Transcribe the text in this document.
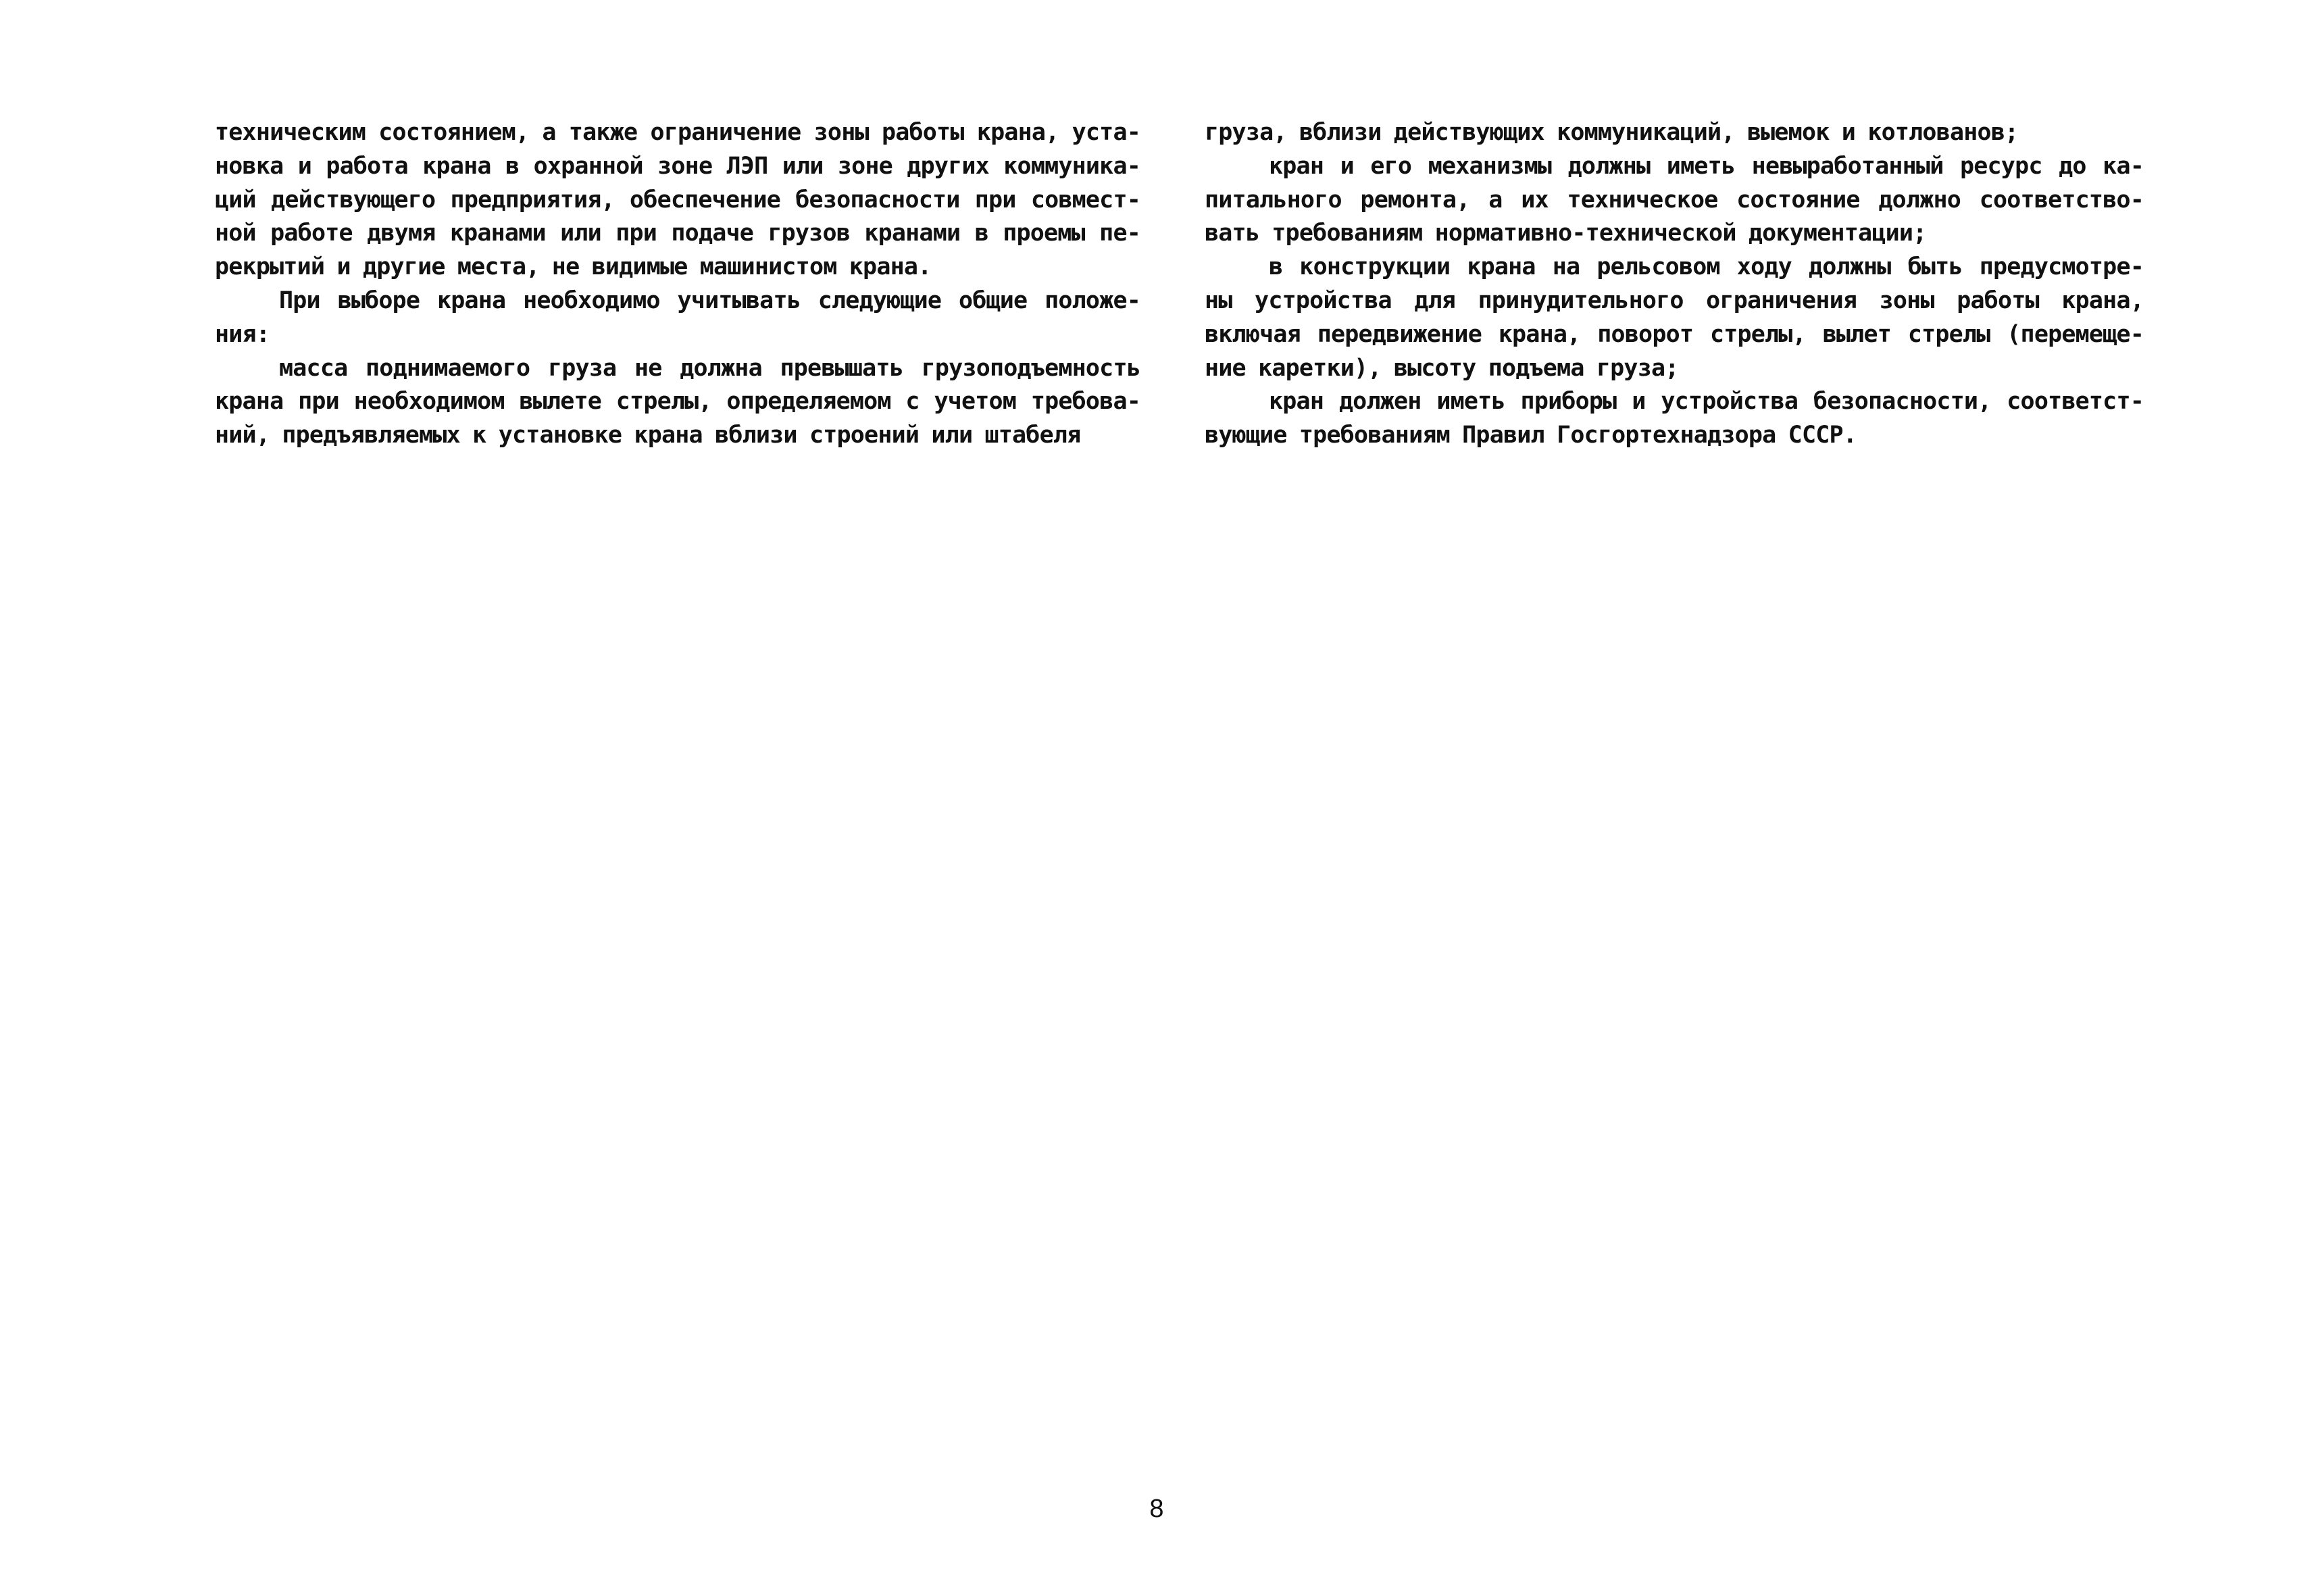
техническим состоянием, а также ограничение зоны работы крана, уста-
новка и работа крана в охранной зоне ЛЭП или зоне других коммуника-
ций действующего предприятия, обеспечение безопасности при совмест-
ной работе двумя кранами или при подаче грузов кранами в проемы пе-
рекрытий и другие места, не видимые машинистом крана.
При выборе крана необходимо учитывать следующие общие положе-
ния:
масса поднимаемого груза не должна превышать грузоподъемность
крана при необходимом вылете стрелы, определяемом с учетом требова-
ний, предъявляемых к установке крана вблизи строений или штабеля
груза, вблизи действующих коммуникаций, выемок и котлованов;
кран и его механизмы должны иметь невыработанный ресурс до ка-
питального ремонта, а их техническое состояние должно соответство-
вать требованиям нормативно-технической документации;
в конструкции крана на рельсовом ходу должны быть предусмотре-
ны устройства для принудительного ограничения зоны работы крана,
включая передвижение крана, поворот стрелы, вылет стрелы (перемеще-
ние каретки), высоту подъема груза;
кран должен иметь приборы и устройства безопасности, соответст-
вующие требованиям Правил Госгортехнадзора СССР.
8
